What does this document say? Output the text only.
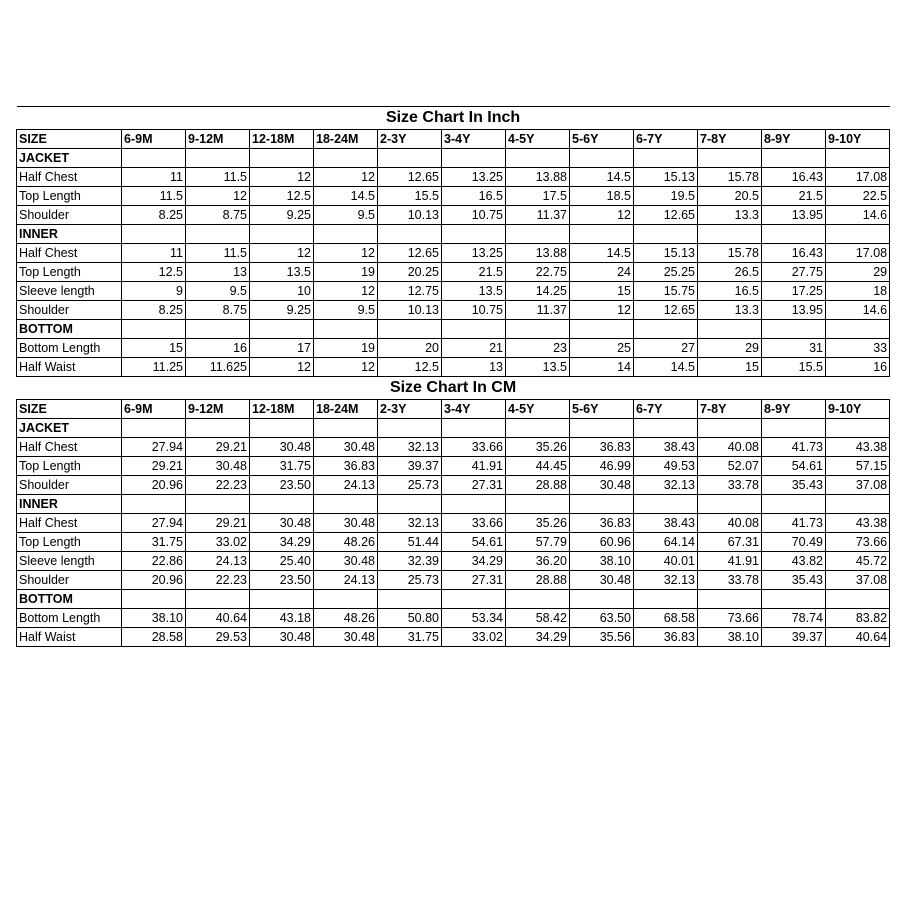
Size Chart In Inch												
SIZE	6-9M	9-12M	12-18M	18-24M	2-3Y	3-4Y	4-5Y	5-6Y	6-7Y	7-8Y	8-9Y	9-10Y
JACKET												
Half Chest	11	11.5	12	12	12.65	13.25	13.88	14.5	15.13	15.78	16.43	17.08
Top Length	11.5	12	12.5	14.5	15.5	16.5	17.5	18.5	19.5	20.5	21.5	22.5
Shoulder	8.25	8.75	9.25	9.5	10.13	10.75	11.37	12	12.65	13.3	13.95	14.6
INNER												
Half Chest	11	11.5	12	12	12.65	13.25	13.88	14.5	15.13	15.78	16.43	17.08
Top Length	12.5	13	13.5	19	20.25	21.5	22.75	24	25.25	26.5	27.75	29
Sleeve length	9	9.5	10	12	12.75	13.5	14.25	15	15.75	16.5	17.25	18
Shoulder	8.25	8.75	9.25	9.5	10.13	10.75	11.37	12	12.65	13.3	13.95	14.6
BOTTOM												
Bottom Length	15	16	17	19	20	21	23	25	27	29	31	33
Half Waist	11.25	11.625	12	12	12.5	13	13.5	14	14.5	15	15.5	16
Size Chart In CM												
SIZE	6-9M	9-12M	12-18M	18-24M	2-3Y	3-4Y	4-5Y	5-6Y	6-7Y	7-8Y	8-9Y	9-10Y
JACKET												
Half Chest	27.94	29.21	30.48	30.48	32.13	33.66	35.26	36.83	38.43	40.08	41.73	43.38
Top Length	29.21	30.48	31.75	36.83	39.37	41.91	44.45	46.99	49.53	52.07	54.61	57.15
Shoulder	20.96	22.23	23.50	24.13	25.73	27.31	28.88	30.48	32.13	33.78	35.43	37.08
INNER												
Half Chest	27.94	29.21	30.48	30.48	32.13	33.66	35.26	36.83	38.43	40.08	41.73	43.38
Top Length	31.75	33.02	34.29	48.26	51.44	54.61	57.79	60.96	64.14	67.31	70.49	73.66
Sleeve length	22.86	24.13	25.40	30.48	32.39	34.29	36.20	38.10	40.01	41.91	43.82	45.72
Shoulder	20.96	22.23	23.50	24.13	25.73	27.31	28.88	30.48	32.13	33.78	35.43	37.08
BOTTOM												
Bottom Length	38.10	40.64	43.18	48.26	50.80	53.34	58.42	63.50	68.58	73.66	78.74	83.82
Half Waist	28.58	29.53	30.48	30.48	31.75	33.02	34.29	35.56	36.83	38.10	39.37	40.64
